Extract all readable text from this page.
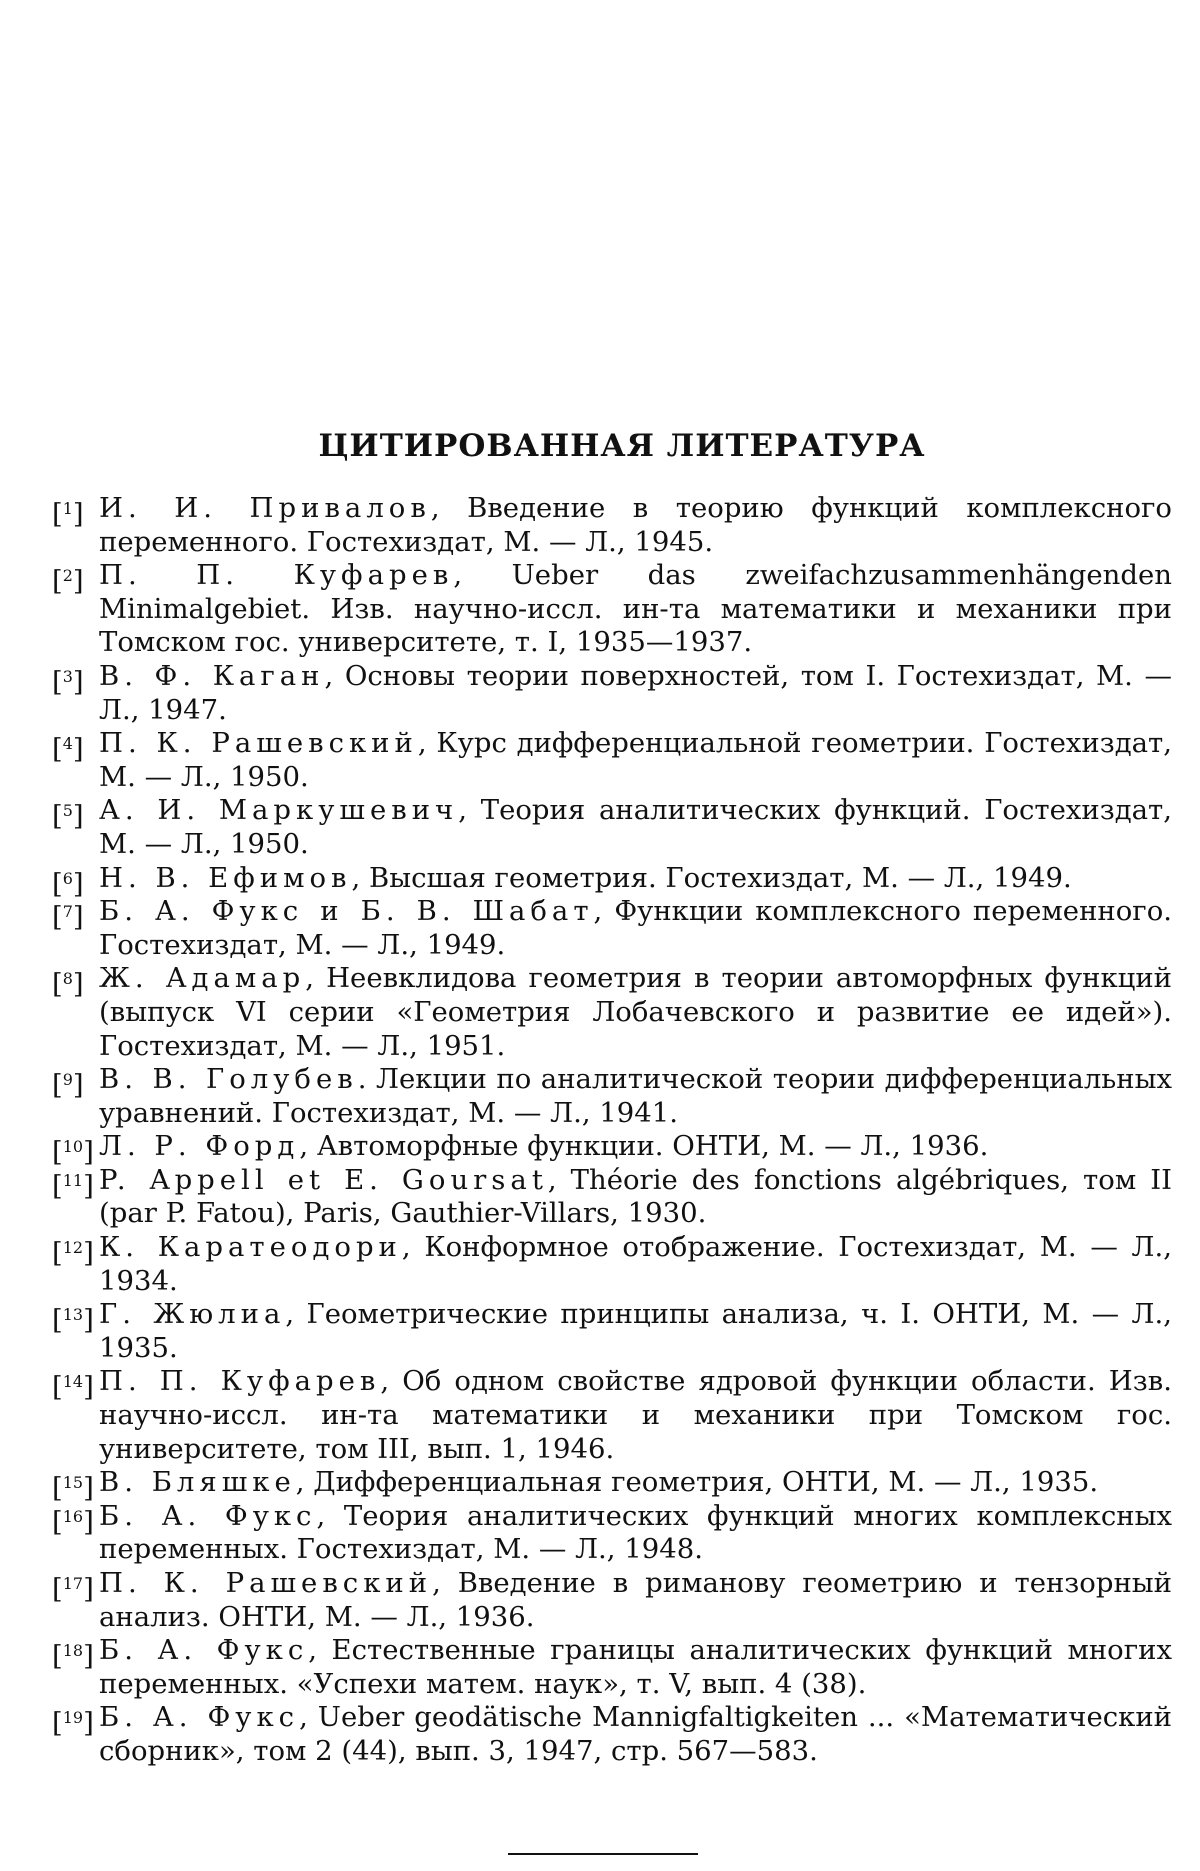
ЦИТИРОВАННАЯ ЛИТЕРАТУРА
[$^1$] И. И. Привалов, Введение в теорию функций комплексного переменного. Гостехиздат, М. — Л., 1945.
[$^2$] П. П. Куфарев, Ueber das zweifachzusammenhängenden Minimalgebiet. Изв. научно-иссл. ин-та математики и механики при Томском гос. университете, т. I, 1935—1937.
[$^3$] В. Ф. Каган, Основы теории поверхностей, том I. Гостехиздат, М. — Л., 1947.
[$^4$] П. К. Рашевский, Курс дифференциальной геометрии. Гостехиздат, М. — Л., 1950.
[$^5$] А. И. Маркушевич, Теория аналитических функций. Гостехиздат, М. — Л., 1950.
[$^6$] Н. В. Ефимов, Высшая геометрия. Гостехиздат, М. — Л., 1949.
[$^7$] Б. А. Фукс и Б. В. Шабат, Функции комплексного переменного. Гостехиздат, М. — Л., 1949.
[$^8$] Ж. Адамар, Неевклидова геометрия в теории автоморфных функций (выпуск VI серии «Геометрия Лобачевского и развитие ее идей»). Гостехиздат, М. — Л., 1951.
[$^9$] В. В. Голубев. Лекции по аналитической теории дифференциальных уравнений. Гостехиздат, М. — Л., 1941.
[$^{10}$] Л. Р. Форд, Автоморфные функции. ОНТИ, М. — Л., 1936.
[$^{11}$] P. Appell et E. Goursat, Théorie des fonctions algébriques, том II (par P. Fatou), Paris, Gauthier-Villars, 1930.
[$^{12}$] К. Каратеодори, Конформное отображение. Гостехиздат, М. — Л., 1934.
[$^{13}$] Г. Жюлиа, Геометрические принципы анализа, ч. I. ОНТИ, М. — Л., 1935.
[$^{14}$] П. П. Куфарев, Об одном свойстве ядровой функции области. Изв. научно-иссл. ин-та математики и механики при Томском гос. университете, том III, вып. 1, 1946.
[$^{15}$] В. Бляшке, Дифференциальная геометрия, ОНТИ, М. — Л., 1935.
[$^{16}$] Б. А. Фукс, Теория аналитических функций многих комплексных переменных. Гостехиздат, М. — Л., 1948.
[$^{17}$] П. К. Рашевский, Введение в риманову геометрию и тензорный анализ. ОНТИ, М. — Л., 1936.
[$^{18}$] Б. А. Фукс, Естественные границы аналитических функций многих переменных. «Успехи матем. наук», т. V, вып. 4 (38).
[$^{19}$] Б. А. Фукс, Ueber geodätische Mannigfaltigkeiten ... «Математический сборник», том 2 (44), вып. 3, 1947, стр. 567—583.
